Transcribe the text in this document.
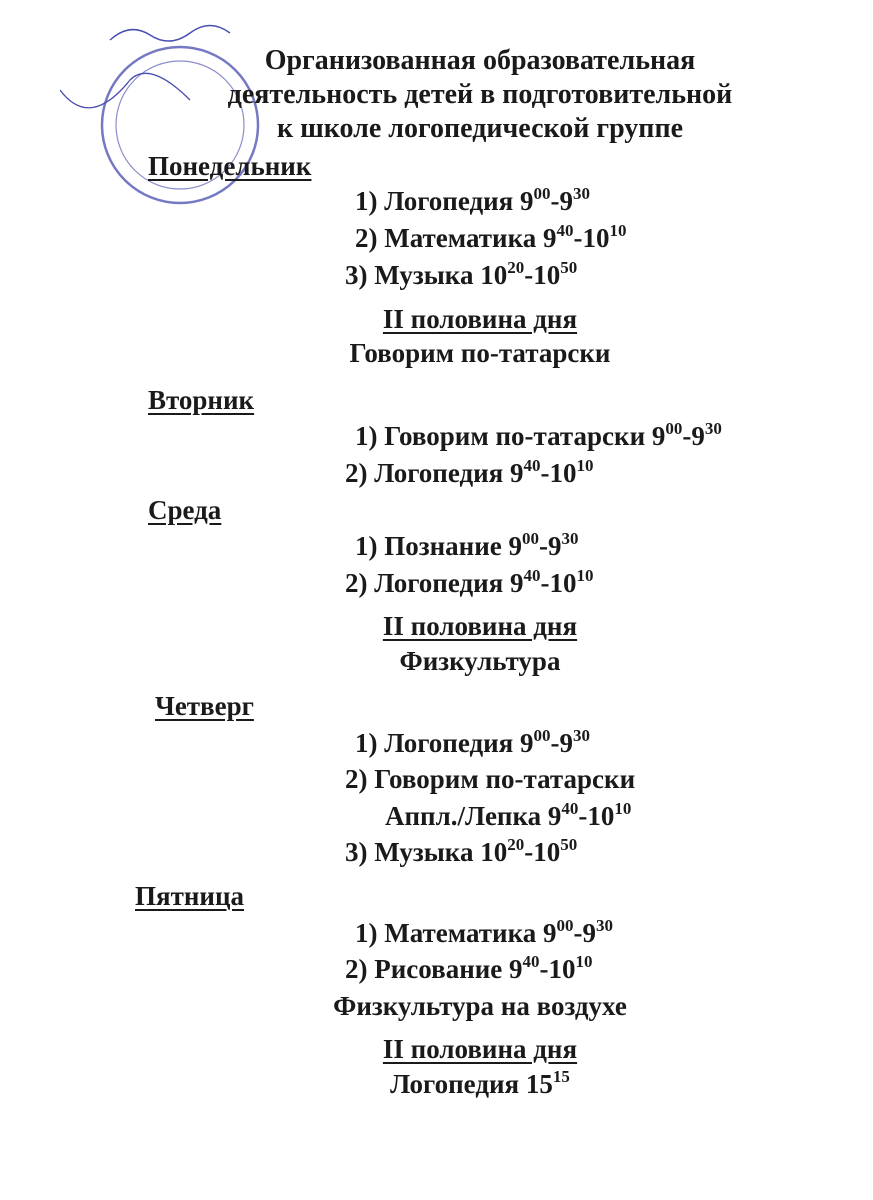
Организованная образовательная
деятельность детей в подготовительной
к школе логопедической группе
Понедельник
1) Логопедия $9^{00}-9^{30}$
2) Математика $9^{40}-10^{10}$
3) Музыка $10^{20}-10^{50}$
II половина дня
Говорим по-татарски
Вторник
1) Говорим по-татарски $9^{00}-9^{30}$
2) Логопедия $9^{40}-10^{10}$
Среда
1) Познание $9^{00}-9^{30}$
2) Логопедия $9^{40}-10^{10}$
II половина дня
Физкультура
Четверг
1) Логопедия $9^{00}-9^{30}$
2) Говорим по-татарски
Аппл./Лепка $9^{40}-10^{10}$
3) Музыка $10^{20}-10^{50}$
Пятница
1) Математика $9^{00}-9^{30}$
2) Рисование $9^{40}-10^{10}$
Физкультура на воздухе
II половина дня
Логопедия $15^{15}$
